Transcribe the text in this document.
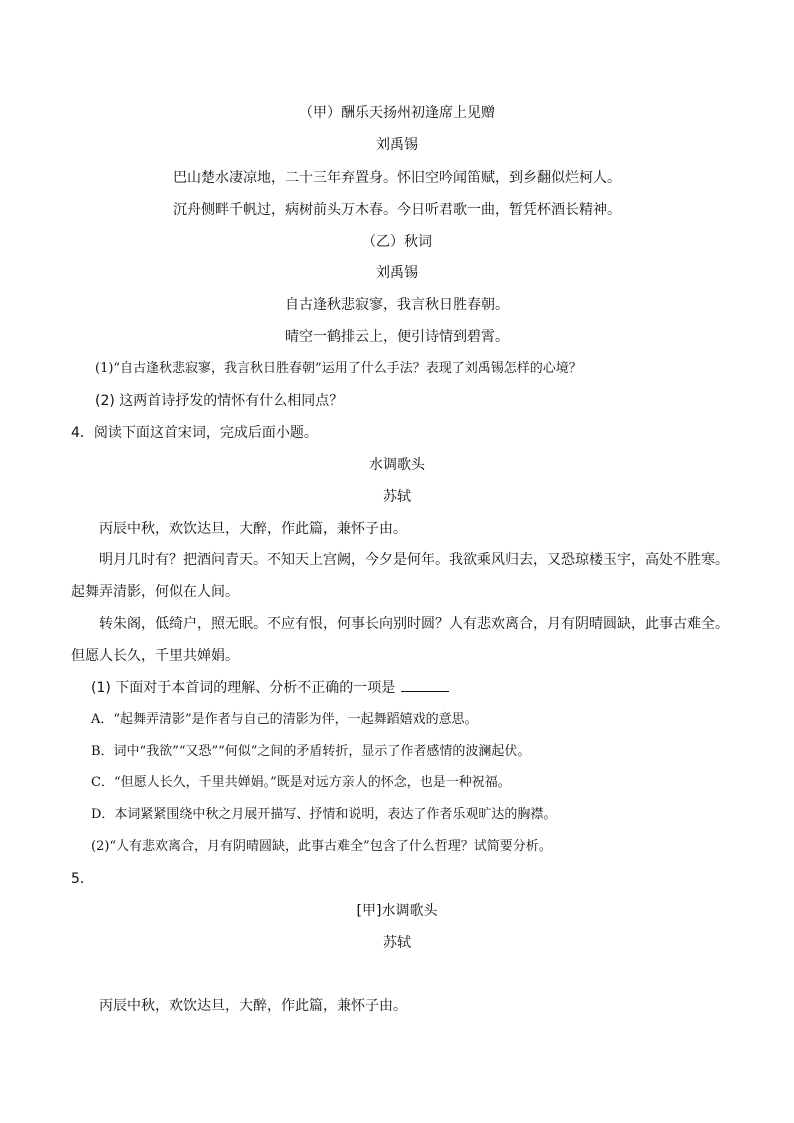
（甲）酬乐天扬州初逢席上见赠
刘禹锡
巴山楚水凄凉地，二十三年弃置身。怀旧空吟闻笛赋，到乡翻似烂柯人。
沉舟侧畔千帆过，病树前头万木春。今日听君歌一曲，暂凭杯酒长精神。
（乙）秋词
刘禹锡
自古逢秋悲寂寥，我言秋日胜春朝。
晴空一鹤排云上，便引诗情到碧霄。
(1)“自古逢秋悲寂寥，我言秋日胜春朝”运用了什么手法？表现了刘禹锡怎样的心境？
(2) 这两首诗抒发的情怀有什么相同点？
4．阅读下面这首宋词，完成后面小题。
水调歌头
苏轼
丙辰中秋，欢饮达旦，大醉，作此篇，兼怀子由。
明月几时有？把酒问青天。不知天上宫阙，今夕是何年。我欲乘风归去，又恐琼楼玉宇，高处不胜寒。
起舞弄清影，何似在人间。
转朱阁，低绮户，照无眠。不应有恨，何事长向别时圆？人有悲欢离合，月有阴晴圆缺，此事古难全。
但愿人长久，千里共婵娟。
(1) 下面对于本首词的理解、分析不正确的一项是
A．“起舞弄清影”是作者与自己的清影为伴，一起舞蹈嬉戏的意思。
B．词中“我欲”“又恐”“何似”之间的矛盾转折，显示了作者感情的波澜起伏。
C．“但愿人长久，千里共婵娟。”既是对远方亲人的怀念，也是一种祝福。
D．本词紧紧围绕中秋之月展开描写、抒情和说明，表达了作者乐观旷达的胸襟。
(2)“人有悲欢离合，月有阴晴圆缺，此事古难全”包含了什么哲理？试简要分析。
5．
[甲]水调歌头
苏轼
丙辰中秋，欢饮达旦，大醉，作此篇，兼怀子由。
